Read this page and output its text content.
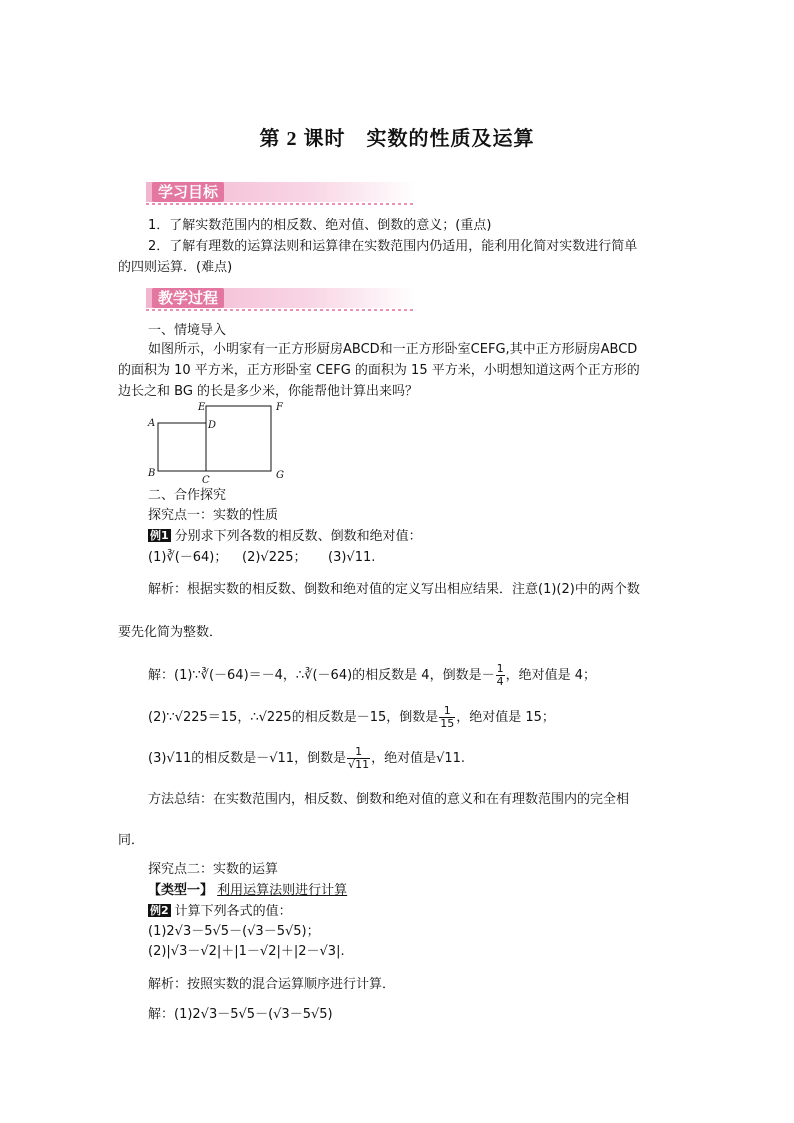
第 2 课时　实数的性质及运算
学习目标
1．了解实数范围内的相反数、绝对值、倒数的意义；(重点)
2．了解有理数的运算法则和运算律在实数范围内仍适用，能利用化简对实数进行简单
的四则运算．(难点)
教学过程
一、情境导入
如图所示，小明家有一正方形厨房ABCD和一正方形卧室CEFG,其中正方形厨房ABCD
的面积为 10 平方米，正方形卧室 CEFG 的面积为 15 平方米，小明想知道这两个正方形的
边长之和 BG 的长是多少米，你能帮他计算出来吗？
A
B
C
D
E	F
G
二、合作探究
探究点一：实数的性质
例1 分别求下列各数的相反数、倒数和绝对值：
(1)∛(－64)； (2)√225； (3)√11.
解析：根据实数的相反数、倒数和绝对值的定义写出相应结果．注意(1)(2)中的两个数
要先化简为整数．
解：(1)∵∛(－64)＝－4，∴∛(－64)的相反数是 4，倒数是－ $\frac{1}{4}$ ，绝对值是 4；
(2)∵√225＝15，∴√225的相反数是－15，倒数是 $\frac{1}{15}$ ，绝对值是 15；
(3)√11的相反数是－√11，倒数是 $\frac{1}{√11}$ ，绝对值是√11.
方法总结：在实数范围内，相反数、倒数和绝对值的意义和在有理数范围内的完全相
同．
探究点二：实数的运算
【类型一】 利用运算法则进行计算
例2 计算下列各式的值：
(1)2√3－5√5－(√3－5√5)；
(2)|√3－√2|＋|1－√2|＋|2－√3|.
解析：按照实数的混合运算顺序进行计算．
解：(1)2√3－5√5－(√3－5√5)
